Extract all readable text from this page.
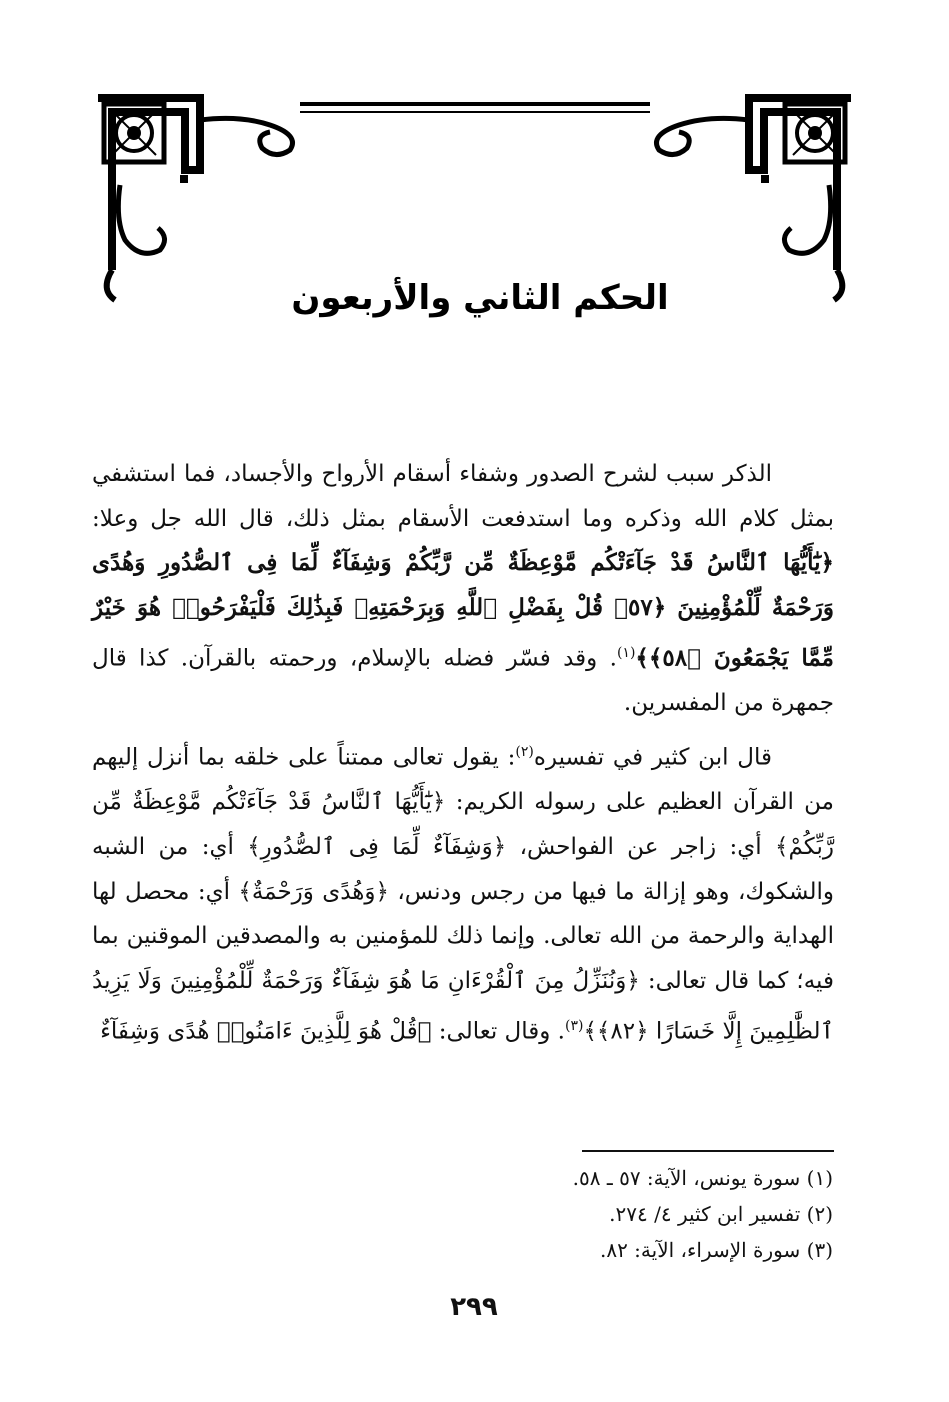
الحكم الثاني والأربعون

الذكر سبب لشرح الصدور وشفاء أسقام الأرواح والأجساد، فما استشفي بمثل كلام الله وذكره وما استدفعت الأسقام بمثل ذلك، قال الله جل وعلا: ﴿يَٰٓأَيُّهَا ٱلنَّاسُ قَدْ جَآءَتْكُم مَّوْعِظَةٌ مِّن رَّبِّكُمْ وَشِفَآءٌ لِّمَا فِى ٱلصُّدُورِ وَهُدًى وَرَحْمَةٌ لِّلْمُؤْمِنِينَ ﴿٥٧﴾ قُلْ بِفَضْلِ ٱللَّهِ وَبِرَحْمَتِهِۦ فَبِذَٰلِكَ فَلْيَفْرَحُوا۟ هُوَ خَيْرٌ مِّمَّا يَجْمَعُونَ ﴿٥٨﴾﴾$^{(١)}$. وقد فسّر فضله بالإسلام، ورحمته بالقرآن. كذا قال جمهرة من المفسرين.

قال ابن كثير في تفسيره$^{(٢)}$: يقول تعالى ممتناً على خلقه بما أنزل إليهم من القرآن العظيم على رسوله الكريم: ﴿يَٰٓأَيُّهَا ٱلنَّاسُ قَدْ جَآءَتْكُم مَّوْعِظَةٌ مِّن رَّبِّكُمْ﴾ أي: زاجر عن الفواحش، ﴿وَشِفَآءٌ لِّمَا فِى ٱلصُّدُورِ﴾ أي: من الشبه والشكوك، وهو إزالة ما فيها من رجس ودنس، ﴿وَهُدًى وَرَحْمَةٌ﴾ أي: محصل لها الهداية والرحمة من الله تعالى. وإنما ذلك للمؤمنين به والمصدقين الموقنين بما فيه؛ كما قال تعالى: ﴿وَنُنَزِّلُ مِنَ ٱلْقُرْءَانِ مَا هُوَ شِفَآءٌ وَرَحْمَةٌ لِّلْمُؤْمِنِينَ وَلَا يَزِيدُ ٱلظَّٰلِمِينَ إِلَّا خَسَارًا ﴿٨٢﴾﴾$^{(٣)}$. وقال تعالى: ﴿قُلْ هُوَ لِلَّذِينَ ءَامَنُوا۟ هُدًى وَشِفَآءٌ

(١) سورة يونس، الآية: ٥٧ ـ ٥٨.
(٢) تفسير ابن كثير ٤/ ٢٧٤.
(٣) سورة الإسراء، الآية: ٨٢.
٢٩٩
